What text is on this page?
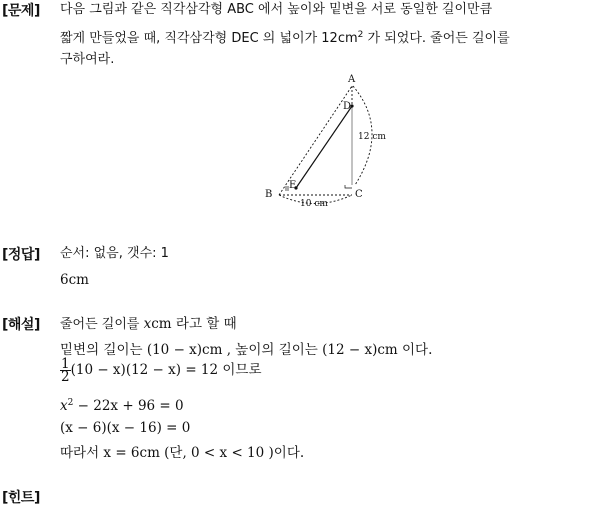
[문제] 다음 그림과 같은 직각삼각형 ABC 에서 높이와 밑변을 서로 동일한 길이만큼
짧게 만들었을 때, 직각삼각형 DEC 의 넓이가 $12cm^2$ 가 되었다. 줄어든 길이를
구하여라.
A
B	C
D
E
12 cm
10 cm
[정답] 순서: 없음, 갯수: 1
6cm
[해설] 줄어든 길이를 xcm 라고 할 때
밑변의 길이는 (10 − x)cm , 높이의 길이는 (12 − x)cm 이다.
$\frac{1}{2} (10 - x)(12 - x) = 12$ 이므로
$x^2 - 22x + 96 = 0$
(x − 6)(x − 16) = 0
따라서 x = 6cm (단, 0 < x < 10 )이다.
[힌트]
